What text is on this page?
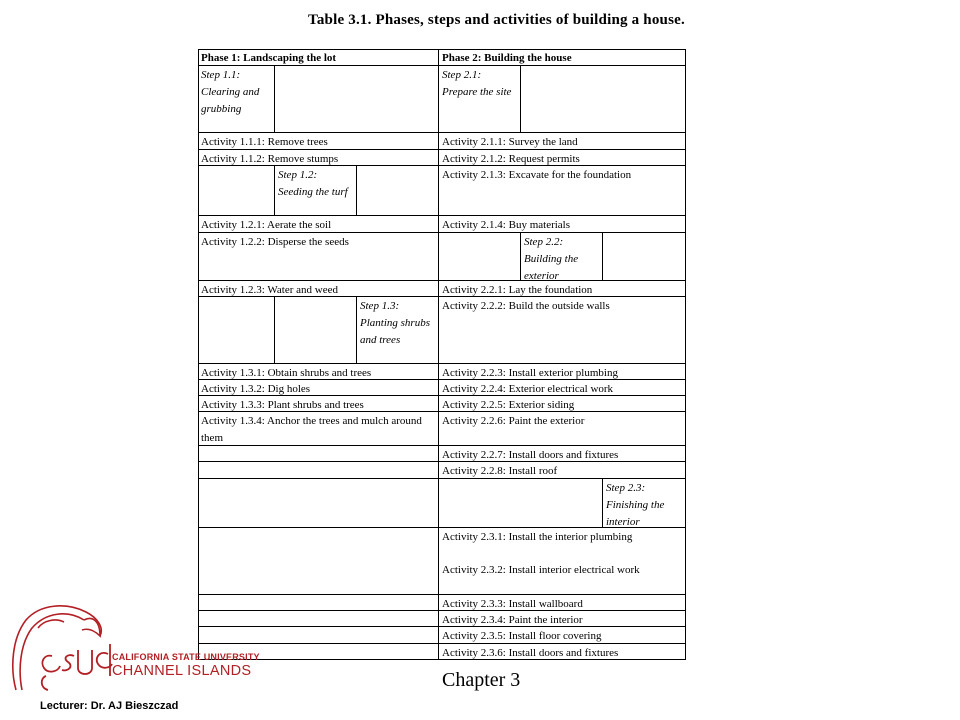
Table 3.1. Phases, steps and activities of building a house.
Phase 1: Landscaping the lot	Phase 2: Building the house
Step 1.1: Clearing and grubbing
Activity 1.1.1: Remove trees
Activity 1.1.2: Remove stumps
Step 1.2: Seeding the turf
Activity 1.2.1: Aerate the soil
Activity 1.2.2: Disperse the seeds
Activity 1.2.3: Water and weed
Step 1.3: Planting shrubs and trees
Activity 1.3.1: Obtain shrubs and trees
Activity 1.3.2: Dig holes
Activity 1.3.3: Plant shrubs and trees
Activity 1.3.4: Anchor the trees and mulch around them
Step 2.1: Prepare the site
Activity 2.1.1: Survey the land
Activity 2.1.2: Request permits
Activity 2.1.3: Excavate for the foundation
Activity 2.1.4: Buy materials
Step 2.2: Building the exterior
Activity 2.2.1: Lay the foundation
Activity 2.2.2: Build the outside walls
Activity 2.2.3: Install exterior plumbing
Activity 2.2.4: Exterior electrical work
Activity 2.2.5: Exterior siding
Activity 2.2.6: Paint the exterior
Activity 2.2.7: Install doors and fixtures
Activity 2.2.8: Install roof
Step 2.3: Finishing the interior
Activity 2.3.1: Install the interior plumbing
Activity 2.3.2: Install interior electrical work
Activity 2.3.3: Install wallboard
Activity 2.3.4: Paint the interior
Activity 2.3.5: Install floor covering
Activity 2.3.6: Install doors and fixtures
CALIFORNIA STATE UNIVERSITY
CHANNEL ISLANDS	Chapter 3
Lecturer: Dr. AJ Bieszczad
